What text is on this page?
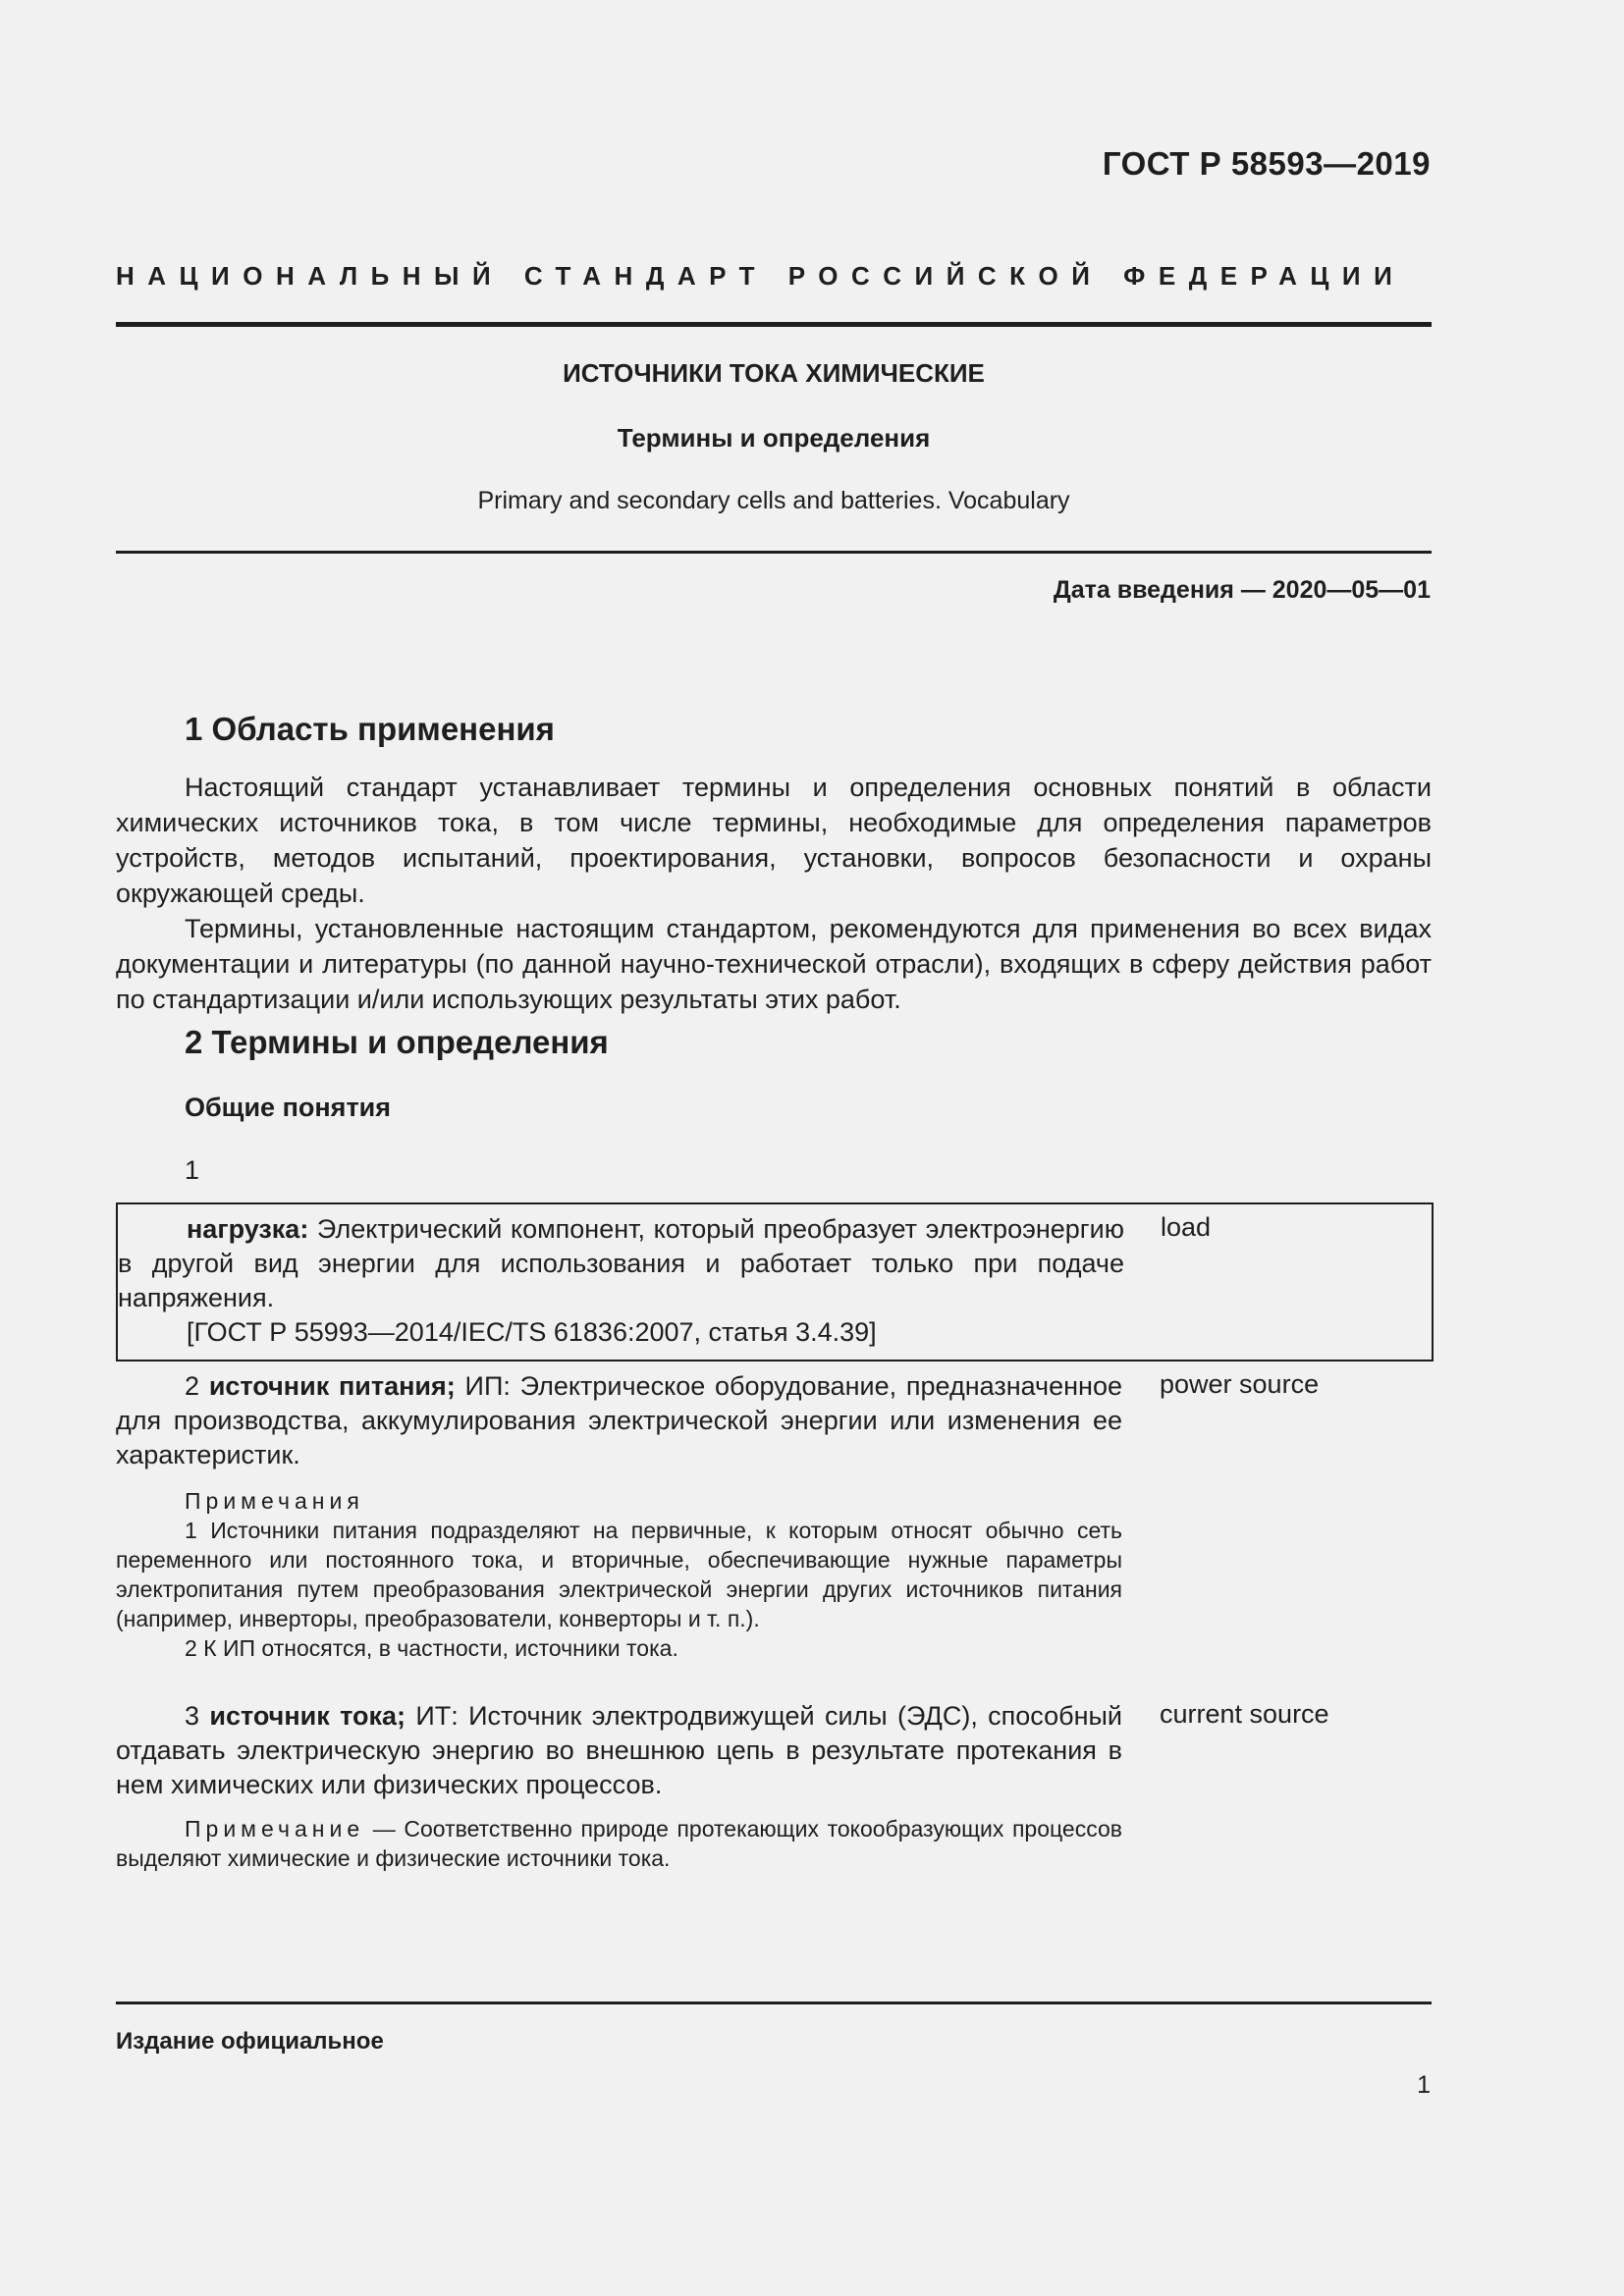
ГОСТ Р 58593—2019
НАЦИОНАЛЬНЫЙ СТАНДАРТ РОССИЙСКОЙ ФЕДЕРАЦИИ
ИСТОЧНИКИ ТОКА ХИМИЧЕСКИЕ
Термины и определения
Primary and secondary cells and batteries. Vocabulary
Дата введения — 2020—05—01
1 Область применения

Настоящий стандарт устанавливает термины и определения основных понятий в области химических источников тока, в том числе термины, необходимые для определения параметров устройств, методов испытаний, проектирования, установки, вопросов безопасности и охраны окружающей среды.

Термины, установленные настоящим стандартом, рекомендуются для применения во всех видах документации и литературы (по данной научно-технической отрасли), входящих в сферу действия работ по стандартизации и/или использующих результаты этих работ.

2 Термины и определения
Общие понятия
1

нагрузка: Электрический компонент, который преобразует электроэнергию в другой вид энергии для использования и работает только при подаче напряжения.

[ГОСТ Р 55993—2014/IEC/TS 61836:2007, статья 3.4.39]

load

2 источник питания; ИП: Электрическое оборудование, предназначенное для производства, аккумулирования электрической энергии или изменения ее характеристик.

power source

Примечания

1 Источники питания подразделяют на первичные, к которым относят обычно сеть переменного или постоянного тока, и вторичные, обеспечивающие нужные параметры электропитания путем преобразования электрической энергии других источников питания (например, инверторы, преобразователи, конверторы и т. п.).

2 К ИП относятся, в частности, источники тока.

3 источник тока; ИТ: Источник электродвижущей силы (ЭДС), способный отдавать электрическую энергию во внешнюю цепь в результате протекания в нем химических или физических процессов.

current source

Примечание — Соответственно природе протекающих токообразующих процессов выделяют химические и физические источники тока.

Издание официальное
1
